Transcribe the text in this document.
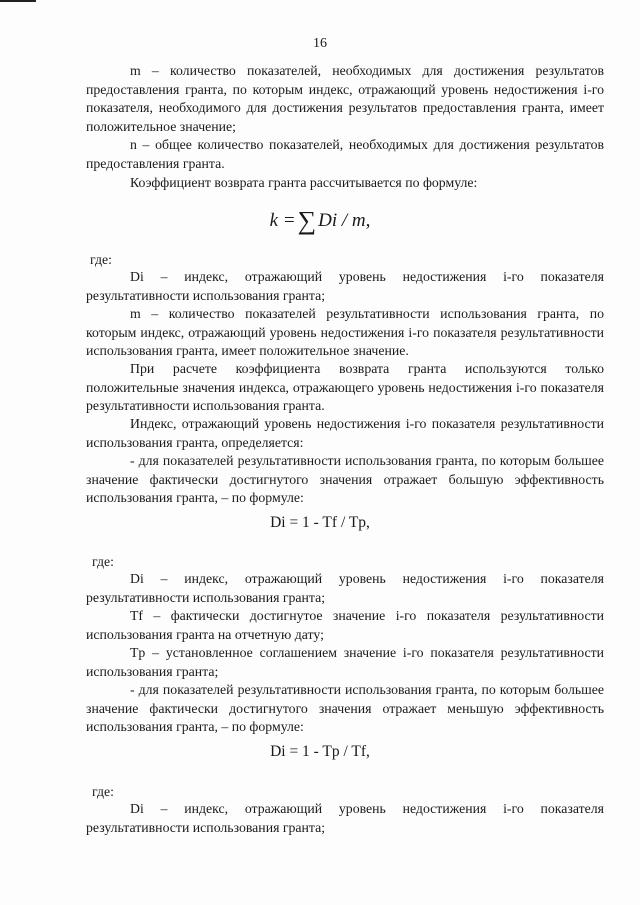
16
m – количество показателей, необходимых для достижения результатов предоставления гранта, по которым индекс, отражающий уровень недостижения i-го показателя, необходимого для достижения результатов предоставления гранта, имеет положительное значение;
n – общее количество показателей, необходимых для достижения результатов предоставления гранта.
Коэффициент возврата гранта рассчитывается по формуле:
k =∑ Di / m,
где:
Di – индекс, отражающий уровень недостижения i-го показателя результативности использования гранта;
m – количество показателей результативности использования гранта, по которым индекс, отражающий уровень недостижения i-го показателя результативности использования гранта, имеет положительное значение.
При расчете коэффициента возврата гранта используются только положительные значения индекса, отражающего уровень недостижения i-го показателя результативности использования гранта.
Индекс, отражающий уровень недостижения i-го показателя результативности использования гранта, определяется:
- для показателей результативности использования гранта, по которым большее значение фактически достигнутого значения отражает большую эффективность использования гранта, – по формуле:
Di = 1 - Tf / Tp,
где:
Di – индекс, отражающий уровень недостижения i-го показателя результативности использования гранта;
Tf – фактически достигнутое значение i-го показателя результативности использования гранта на отчетную дату;
Tp – установленное соглашением значение i-го показателя результативности использования гранта;
- для показателей результативности использования гранта, по которым большее значение фактически достигнутого значения отражает меньшую эффективность использования гранта, – по формуле:
Di = 1 - Tp / Tf,
где:
Di – индекс, отражающий уровень недостижения i-го показателя результативности использования гранта;
